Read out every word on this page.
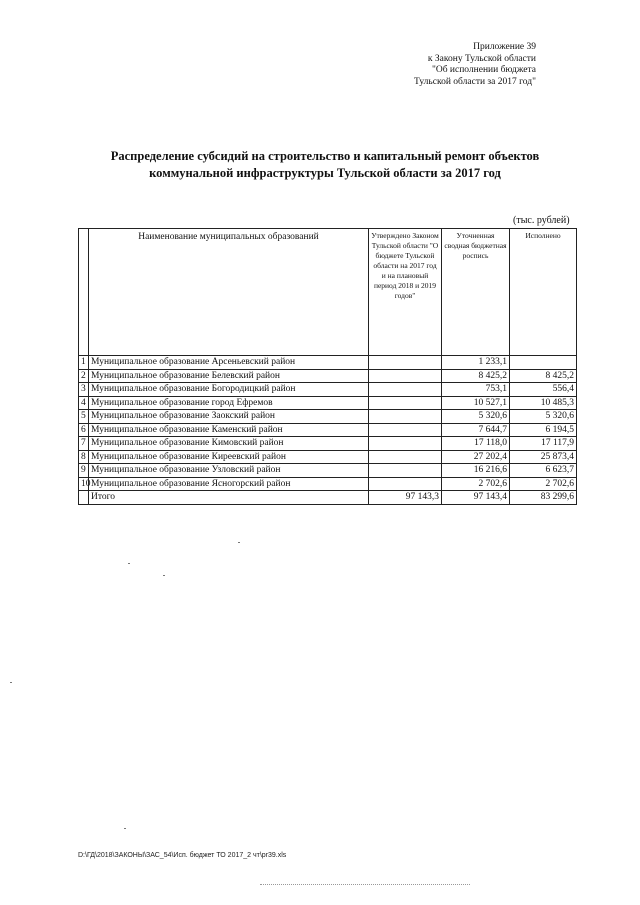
Приложение 39
к Закону Тульской области
"Об исполнении бюджета
Тульской области за 2017 год"
Распределение субсидий на строительство и капитальный ремонт объектов
коммунальной инфраструктуры Тульской области за 2017 год
(тыс. рублей)
	Наименование муниципальных образований	Утверждено Законом Тульской области "О бюджете Тульской области на 2017 год и на плановый период 2018 и 2019 годов"	Уточненная сводная бюджетная роспись	Исполнено
1	Муниципальное образование Арсеньевский район		1 233,1	
2	Муниципальное образование Белевский район		8 425,2	8 425,2
3	Муниципальное образование Богородицкий район		753,1	556,4
4	Муниципальное образование город Ефремов		10 527,1	10 485,3
5	Муниципальное образование Заокский район		5 320,6	5 320,6
6	Муниципальное образование Каменский район		7 644,7	6 194,5
7	Муниципальное образование Кимовский район		17 118,0	17 117,9
8	Муниципальное образование Киреевский район		27 202,4	25 873,4
9	Муниципальное образование Узловский район		16 216,6	6 623,7
10	Муниципальное образование Ясногорский район		2 702,6	2 702,6
	Итого	97 143,3	97 143,4	83 299,6
D:\ГД\2018\ЗАКОНЫ\ЗАС_54\Исп. бюджет ТО 2017_2 чт\pr39.xls
